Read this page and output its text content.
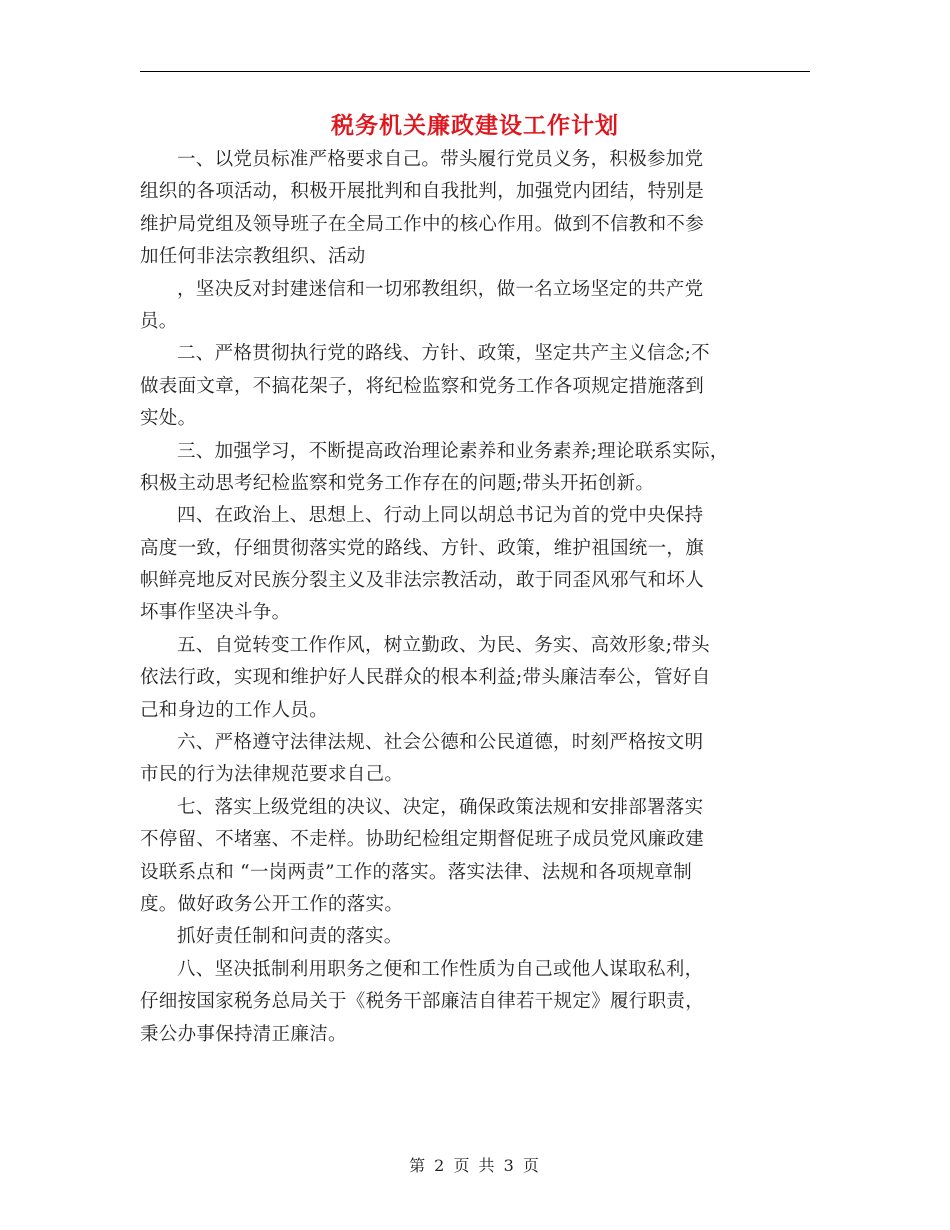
税务机关廉政建设工作计划
一、以党员标准严格要求自己。带头履行党员义务，积极参加党
组织的各项活动，积极开展批判和自我批判，加强党内团结，特别是
维护局党组及领导班子在全局工作中的核心作用。做到不信教和不参
加任何非法宗教组织、活动
，坚决反对封建迷信和一切邪教组织，做一名立场坚定的共产党
员。
二、严格贯彻执行党的路线、方针、政策，坚定共产主义信念;不
做表面文章，不搞花架子，将纪检监察和党务工作各项规定措施落到
实处。
三、加强学习，不断提高政治理论素养和业务素养;理论联系实际，
积极主动思考纪检监察和党务工作存在的问题;带头开拓创新。
四、在政治上、思想上、行动上同以胡总书记为首的党中央保持
高度一致，仔细贯彻落实党的路线、方针、政策，维护祖国统一，旗
帜鲜亮地反对民族分裂主义及非法宗教活动，敢于同歪风邪气和坏人
坏事作坚决斗争。
五、自觉转变工作作风，树立勤政、为民、务实、高效形象;带头
依法行政，实现和维护好人民群众的根本利益;带头廉洁奉公，管好自
己和身边的工作人员。
六、严格遵守法律法规、社会公德和公民道德，时刻严格按文明
市民的行为法律规范要求自己。
七、落实上级党组的决议、决定，确保政策法规和安排部署落实
不停留、不堵塞、不走样。协助纪检组定期督促班子成员党风廉政建
设联系点和 “一岗两责”工作的落实。落实法律、法规和各项规章制
度。做好政务公开工作的落实。
抓好责任制和问责的落实。
八、坚决抵制利用职务之便和工作性质为自己或他人谋取私利，
仔细按国家税务总局关于《税务干部廉洁自律若干规定》履行职责，
秉公办事保持清正廉洁。
第 2 页 共 3 页
